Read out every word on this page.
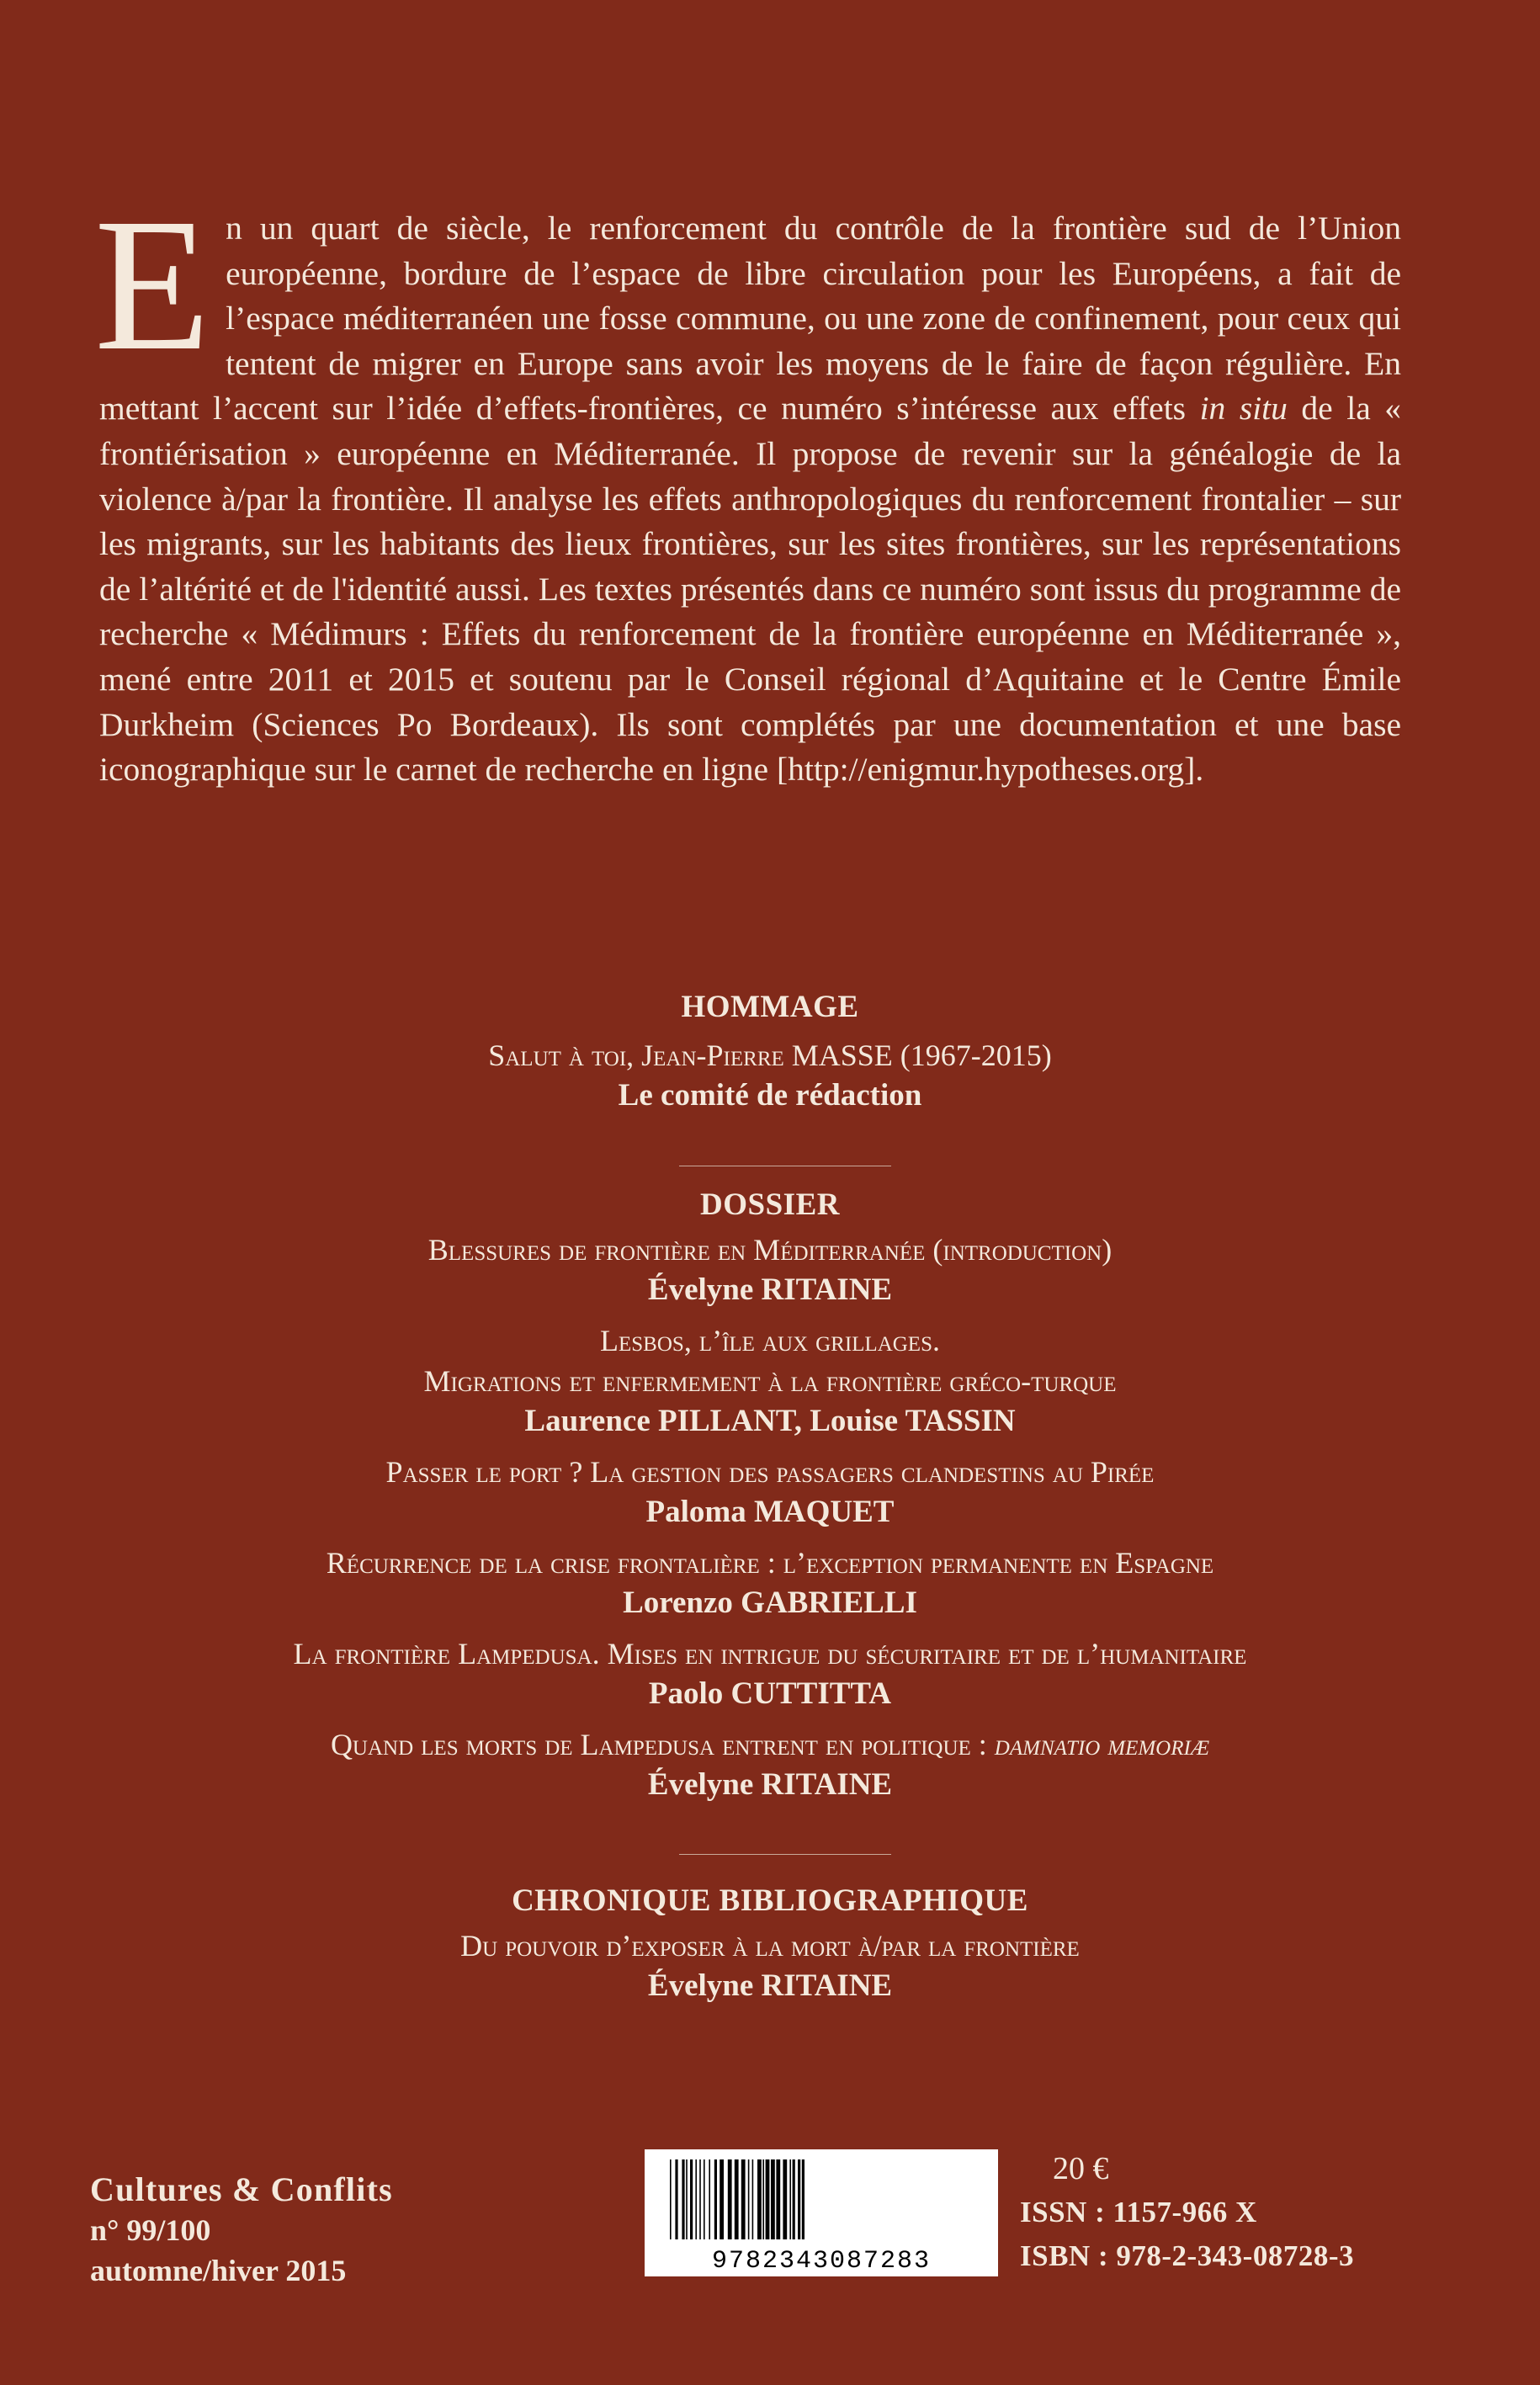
En un quart de siècle, le renforcement du contrôle de la frontière sud de l’Union européenne, bordure de l’espace de libre circulation pour les Européens, a fait de l’espace méditerranéen une fosse commune, ou une zone de confinement, pour ceux qui tentent de migrer en Europe sans avoir les moyens de le faire de façon régulière. En mettant l’accent sur l’idée d’effets-frontières, ce numéro s’intéresse aux effets in situ de la « frontiérisation » européenne en Méditerranée. Il propose de revenir sur la généalogie de la violence à/par la frontière. Il analyse les effets anthropologiques du renforcement frontalier – sur les migrants, sur les habitants des lieux frontières, sur les sites frontières, sur les représentations de l’altérité et de l'identité aussi. Les textes présentés dans ce numéro sont issus du programme de recherche « Médimurs : Effets du renforcement de la frontière européenne en Méditerranée », mené entre 2011 et 2015 et soutenu par le Conseil régional d’Aquitaine et le Centre Émile Durkheim (Sciences Po Bordeaux). Ils sont complétés par une documentation et une base iconographique sur le carnet de recherche en ligne [http://enigmur.hypotheses.org].
HOMMAGE
Salut à toi, Jean-Pierre MASSE (1967-2015)
Le comité de rédaction
DOSSIER
Blessures de frontière en Méditerranée (introduction)
Évelyne RITAINE
Lesbos, l’île aux grillages.
Migrations et enfermement à la frontière gréco-turque
Laurence PILLANT, Louise TASSIN
Passer le port ? La gestion des passagers clandestins au Pirée
Paloma MAQUET
Récurrence de la crise frontalière : l’exception permanente en Espagne
Lorenzo GABRIELLI
La frontière Lampedusa. Mises en intrigue du sécuritaire et de l’humanitaire
Paolo CUTTITTA
Quand les morts de Lampedusa entrent en politique : damnatio memoriæ
Évelyne RITAINE
CHRONIQUE BIBLIOGRAPHIQUE
Du pouvoir d’exposer à la mort à/par la frontière
Évelyne RITAINE
Cultures & Conflits
n° 99/100
automne/hiver 2015	9782343087283
20 €
ISSN : 1157-966 X
ISBN : 978-2-343-08728-3
